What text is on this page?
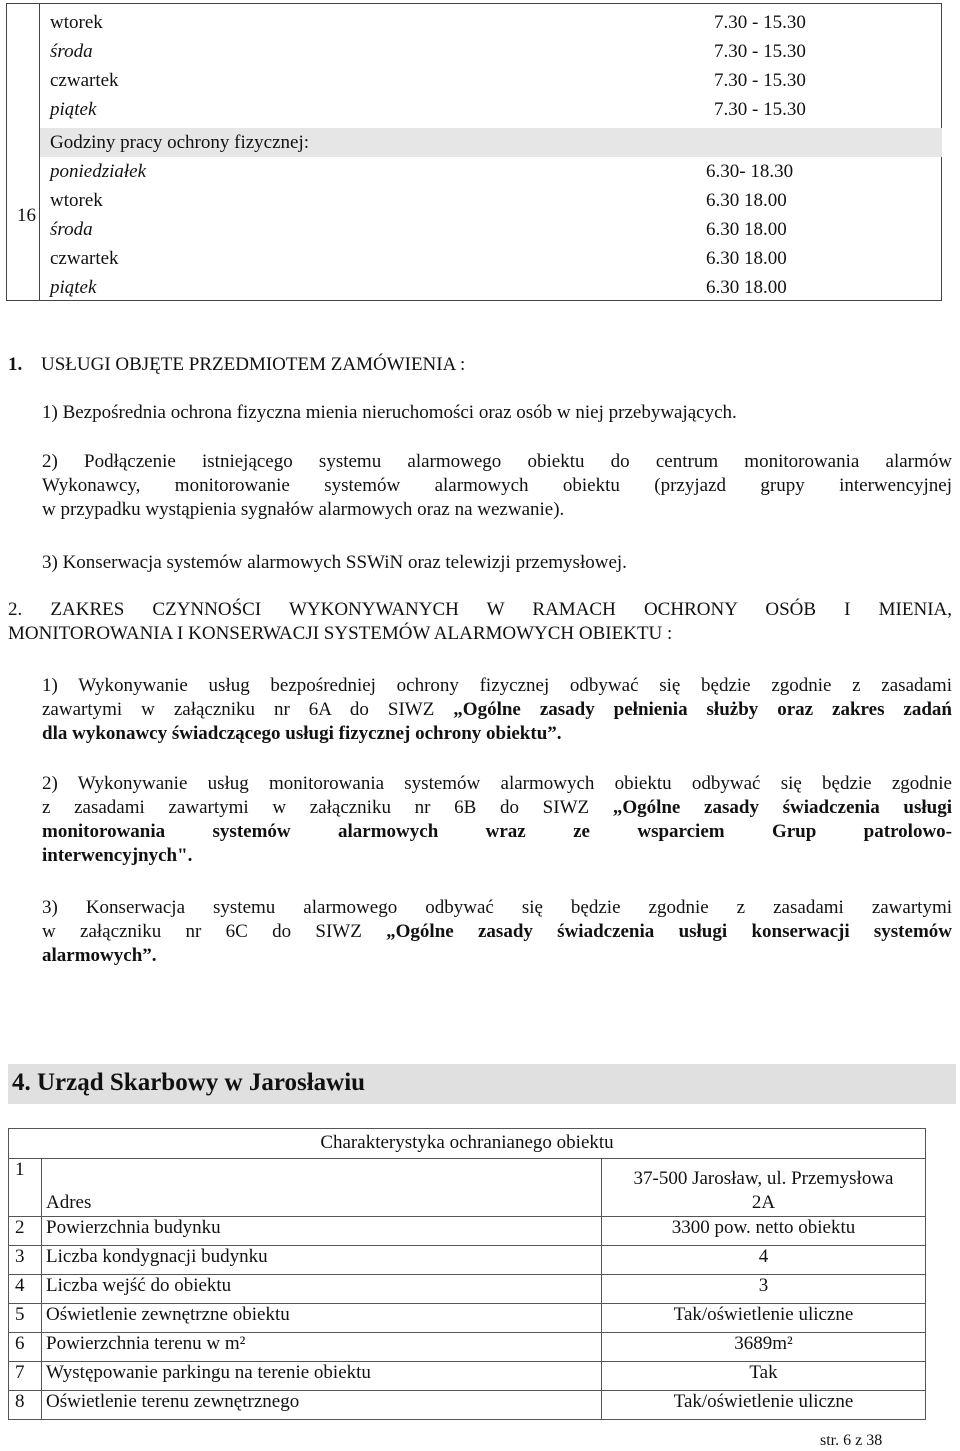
16
wtorek	7.30 - 15.30
środa	7.30 - 15.30
czwartek	7.30 - 15.30
piątek	7.30 - 15.30
Godziny pracy ochrony fizycznej:
poniedziałek	6.30- 18.30
wtorek	6.30 18.00
środa	6.30 18.00
czwartek	6.30 18.00
piątek	6.30 18.00
1. USŁUGI OBJĘTE PRZEDMIOTEM ZAMÓWIENIA :
1) Bezpośrednia ochrona fizyczna mienia nieruchomości oraz osób w niej przebywających.
2) Podłączenie istniejącego systemu alarmowego obiektu do centrum monitorowania alarmów
Wykonawcy, monitorowanie systemów alarmowych obiektu (przyjazd grupy interwencyjnej
w przypadku wystąpienia sygnałów alarmowych oraz na wezwanie).
3) Konserwacja systemów alarmowych SSWiN oraz telewizji przemysłowej.
2. ZAKRES CZYNNOŚCI WYKONYWANYCH W RAMACH OCHRONY OSÓB I MIENIA,
MONITOROWANIA I KONSERWACJI SYSTEMÓW ALARMOWYCH OBIEKTU :
1) Wykonywanie usług bezpośredniej ochrony fizycznej odbywać się będzie zgodnie z zasadami
zawartymi w załączniku nr 6A do SIWZ „Ogólne zasady pełnienia służby oraz zakres zadań
dla wykonawcy świadczącego usługi fizycznej ochrony obiektu”.
2) Wykonywanie usług monitorowania systemów alarmowych obiektu odbywać się będzie zgodnie
z zasadami zawartymi w załączniku nr 6B do SIWZ „Ogólne zasady świadczenia usługi
monitorowania systemów alarmowych wraz ze wsparciem Grup patrolowo-
interwencyjnych".
3) Konserwacja systemu alarmowego odbywać się będzie zgodnie z zasadami zawartymi
w załączniku nr 6C do SIWZ „Ogólne zasady świadczenia usługi konserwacji systemów
alarmowych”.
4. Urząd Skarbowy w Jarosławiu
Charakterystyka ochranianego obiektu		
1	Adres	37-500 Jarosław, ul. Przemysłowa
2A

2	Powierzchnia budynku	3300 pow. netto obiektu
3	Liczba kondygnacji budynku	4
4	Liczba wejść do obiektu	3
5	Oświetlenie zewnętrzne obiektu	Tak/oświetlenie uliczne
6	Powierzchnia terenu w m²	3689m²
7	Występowanie parkingu na terenie obiektu	Tak
8	Oświetlenie terenu zewnętrznego	Tak/oświetlenie uliczne
str. 6 z 38
